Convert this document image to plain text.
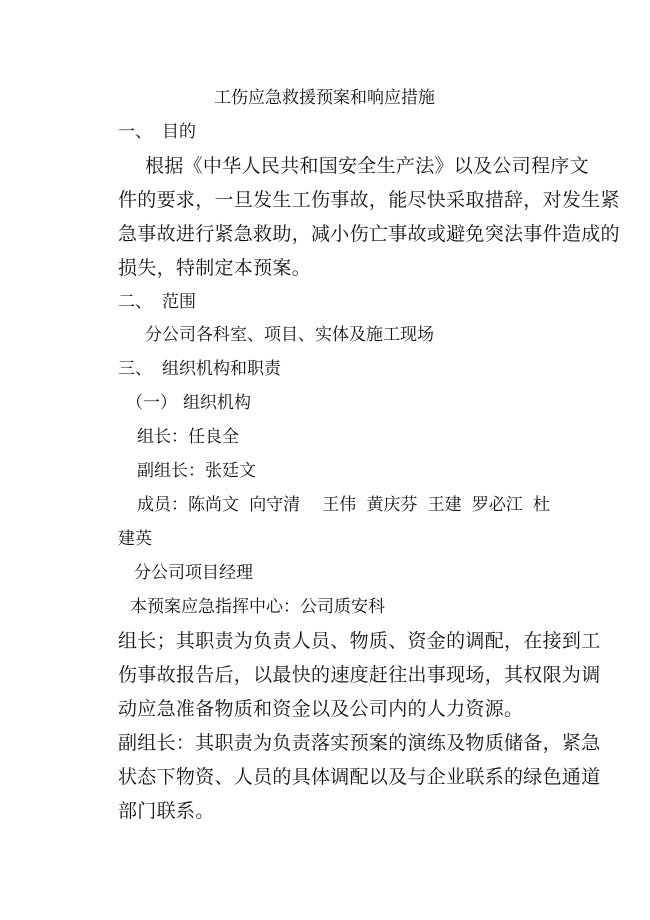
工伤应急救援预案和响应措施
一、 目的
根据《中华人民共和国安全生产法》以及公司程序文
件的要求，一旦发生工伤事故，能尽快采取措辞，对发生紧
急事故进行紧急救助，减小伤亡事故或避免突法事件造成的
损失，特制定本预案。
二、 范围
分公司各科室、项目、实体及施工现场
三、 组织机构和职责
（一） 组织机构
组长：任良全
副组长：张廷文
成员：陈尚文 向守清 王伟 黄庆芬 王建 罗必江 杜
建英
分公司项目经理
本预案应急指挥中心：公司质安科
组长；其职责为负责人员、物质、资金的调配，在接到工
伤事故报告后，以最快的速度赶往出事现场，其权限为调
动应急准备物质和资金以及公司内的人力资源。
副组长：其职责为负责落实预案的演练及物质储备，紧急
状态下物资、人员的具体调配以及与企业联系的绿色通道
部门联系。
